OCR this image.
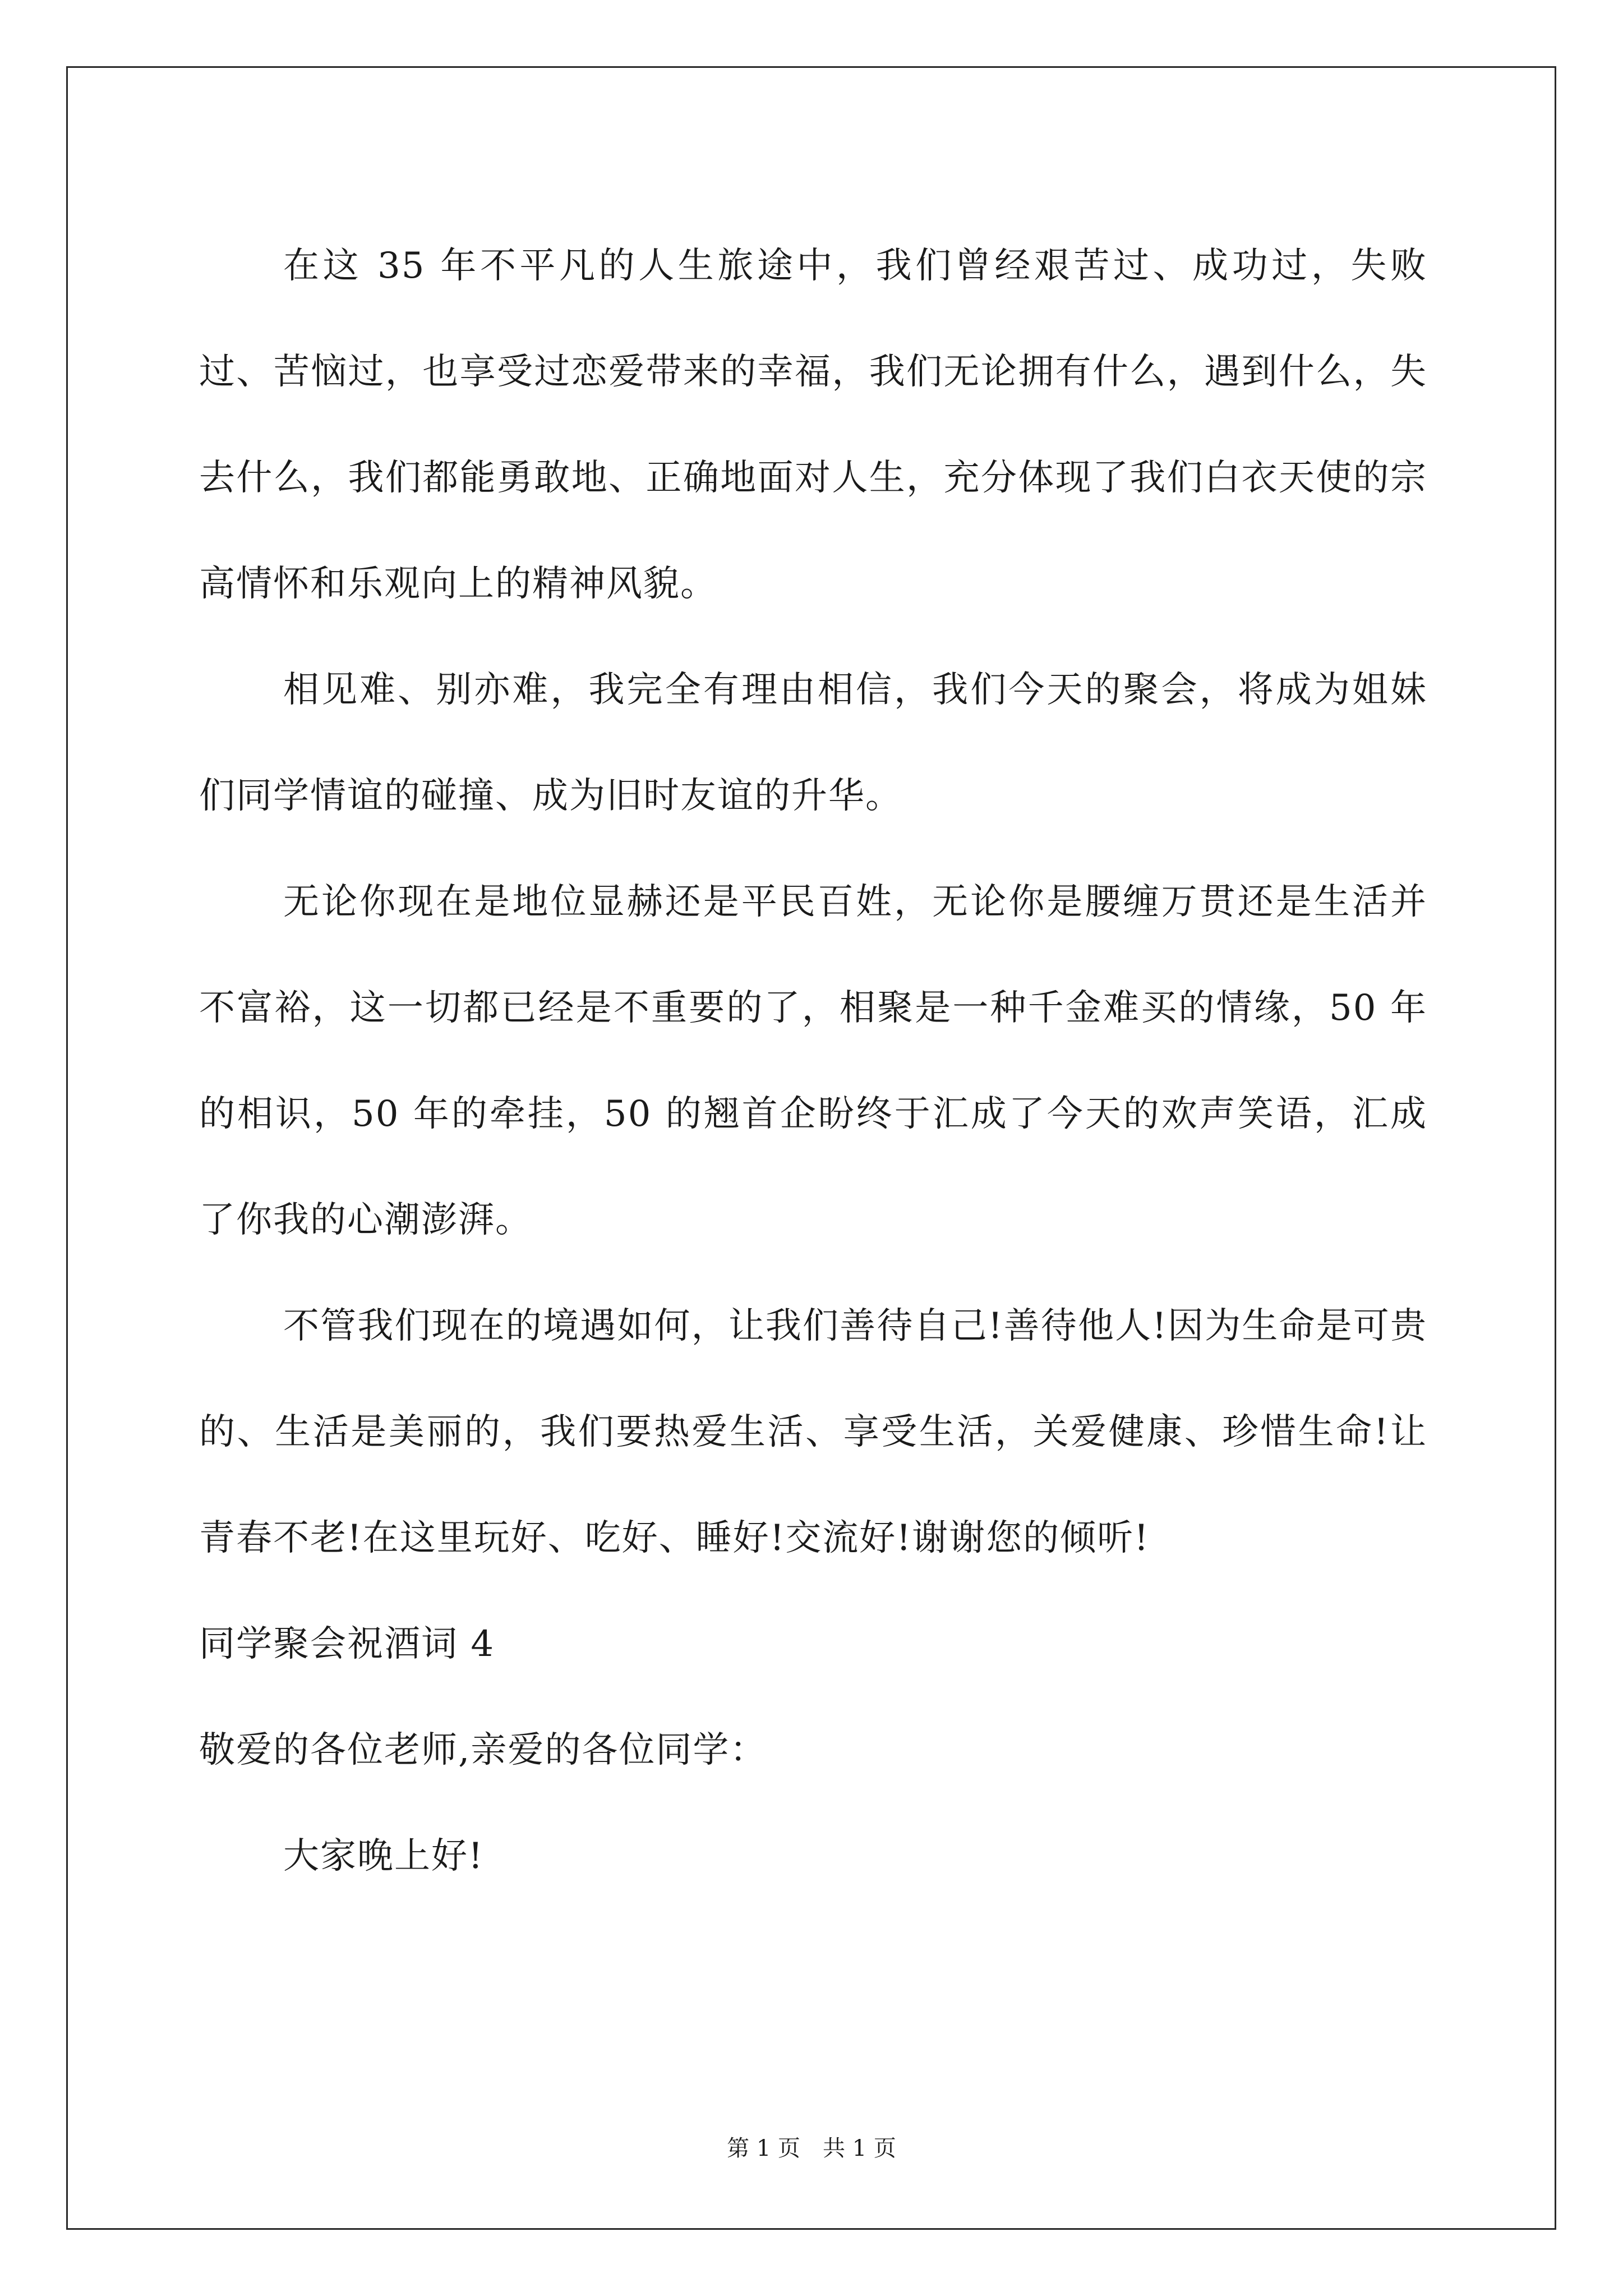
在这 35 年不平凡的人生旅途中，我们曾经艰苦过、成功过，失败过、苦恼过，也享受过恋爱带来的幸福，我们无论拥有什么，遇到什么，失去什么，我们都能勇敢地、正确地面对人生，充分体现了我们白衣天使的宗高情怀和乐观向上的精神风貌。

相见难、别亦难，我完全有理由相信，我们今天的聚会，将成为姐妹们同学情谊的碰撞、成为旧时友谊的升华。

无论你现在是地位显赫还是平民百姓，无论你是腰缠万贯还是生活并不富裕，这一切都已经是不重要的了，相聚是一种千金难买的情缘，50 年的相识，50 年的牵挂，50 的翘首企盼终于汇成了今天的欢声笑语，汇成了你我的心潮澎湃。

不管我们现在的境遇如何，让我们善待自己!善待他人!因为生命是可贵的、生活是美丽的，我们要热爱生活、享受生活，关爱健康、珍惜生命!让青春不老!在这里玩好、吃好、睡好!交流好!谢谢您的倾听!

同学聚会祝酒词 4

敬爱的各位老师,亲爱的各位同学：

大家晚上好!

第 1 页 共 1 页
